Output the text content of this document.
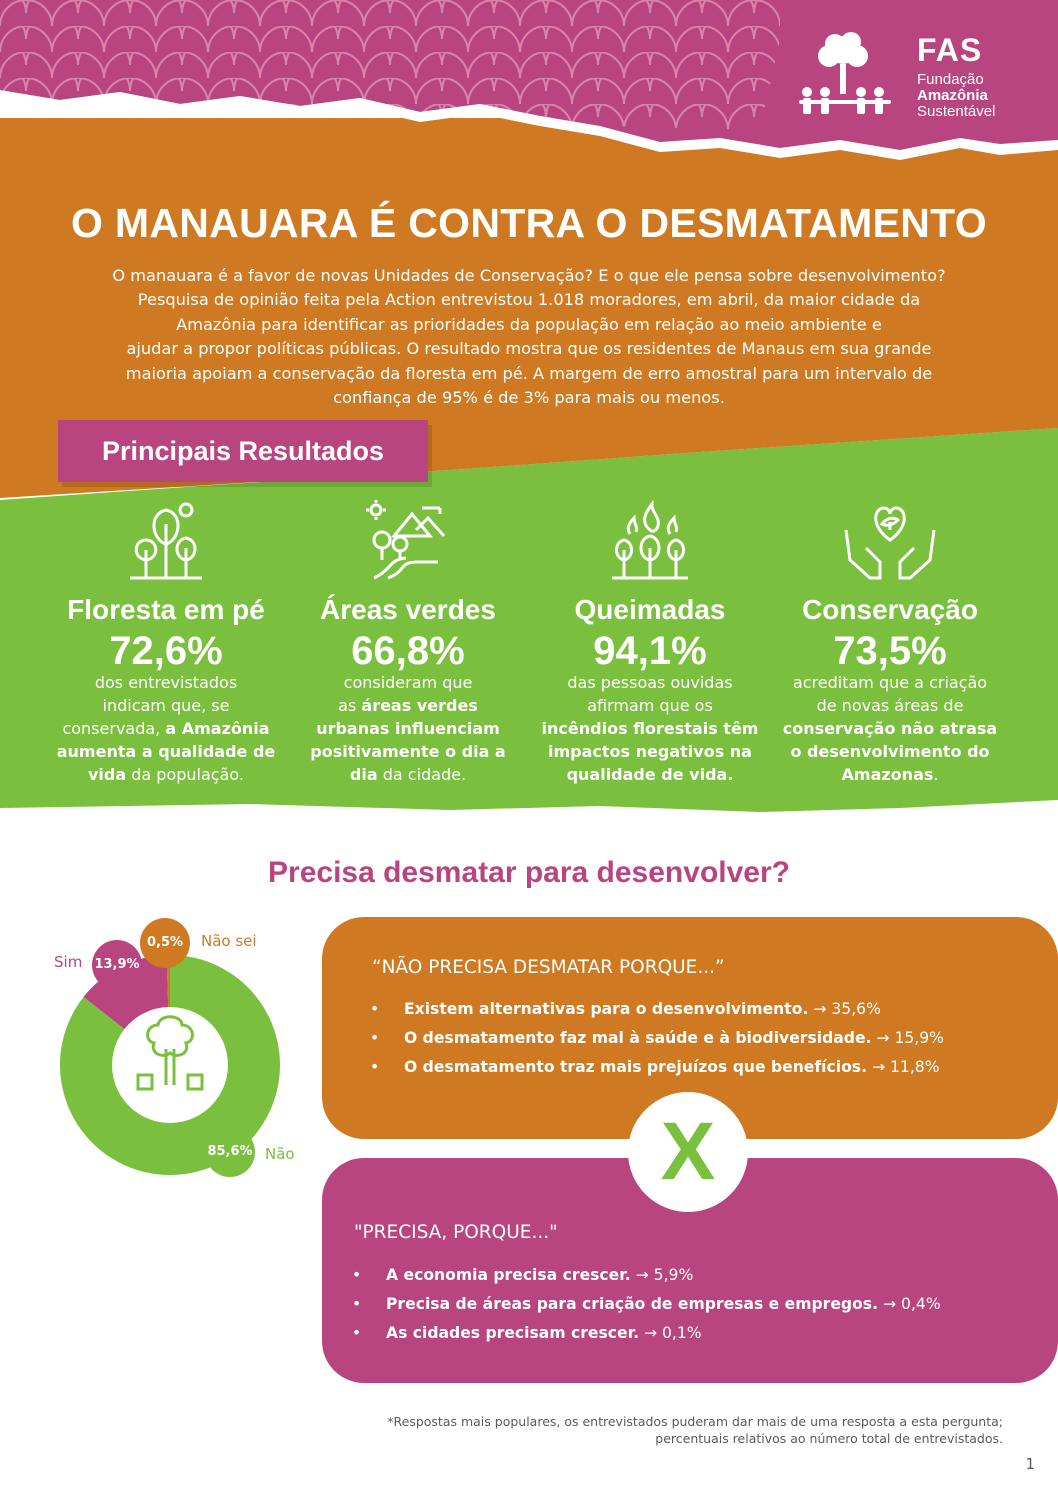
FAS
Fundação
Amazônia
Sustentável
O MANAUARA É CONTRA O DESMATAMENTO
O manauara é a favor de novas Unidades de Conservação? E o que ele pensa sobre desenvolvimento?
Pesquisa de opinião feita pela Action entrevistou 1.018 moradores, em abril, da maior cidade da
Amazônia para identificar as prioridades da população em relação ao meio ambiente e
ajudar a propor políticas públicas. O resultado mostra que os residentes de Manaus em sua grande
maioria apoiam a conservação da floresta em pé. A margem de erro amostral para um intervalo de
confiança de 95% é de 3% para mais ou menos.
Principais Resultados
Floresta em pé
72,6%
dos entrevistados
indicam que, se
conservada, a Amazônia
aumenta a qualidade de
vida da população.
Áreas verdes
66,8%
consideram que
as áreas verdes
urbanas influenciam
positivamente o dia a
dia da cidade.
Queimadas
94,1%
das pessoas ouvidas
afirmam que os
incêndios florestais têm
impactos negativos na
qualidade de vida.
Conservação
73,5%
acreditam que a criação
de novas áreas de
conservação não atrasa
o desenvolvimento do
Amazonas.
Precisa desmatar para desenvolver?
85,6%
13,9%
0,5%
Não
Sim
Não sei
“NÃO PRECISA DESMATAR PORQUE...”
• Existem alternativas para o desenvolvimento. → 35,6%
• O desmatamento faz mal à saúde e à biodiversidade. → 15,9%
• O desmatamento traz mais prejuízos que benefícios. → 11,8%
"PRECISA, PORQUE..."
• A economia precisa crescer. → 5,9%
• Precisa de áreas para criação de empresas e empregos. → 0,4%
• As cidades precisam crescer. → 0,1%
X
*Respostas mais populares, os entrevistados puderam dar mais de uma resposta a esta pergunta;
percentuais relativos ao número total de entrevistados.
1
